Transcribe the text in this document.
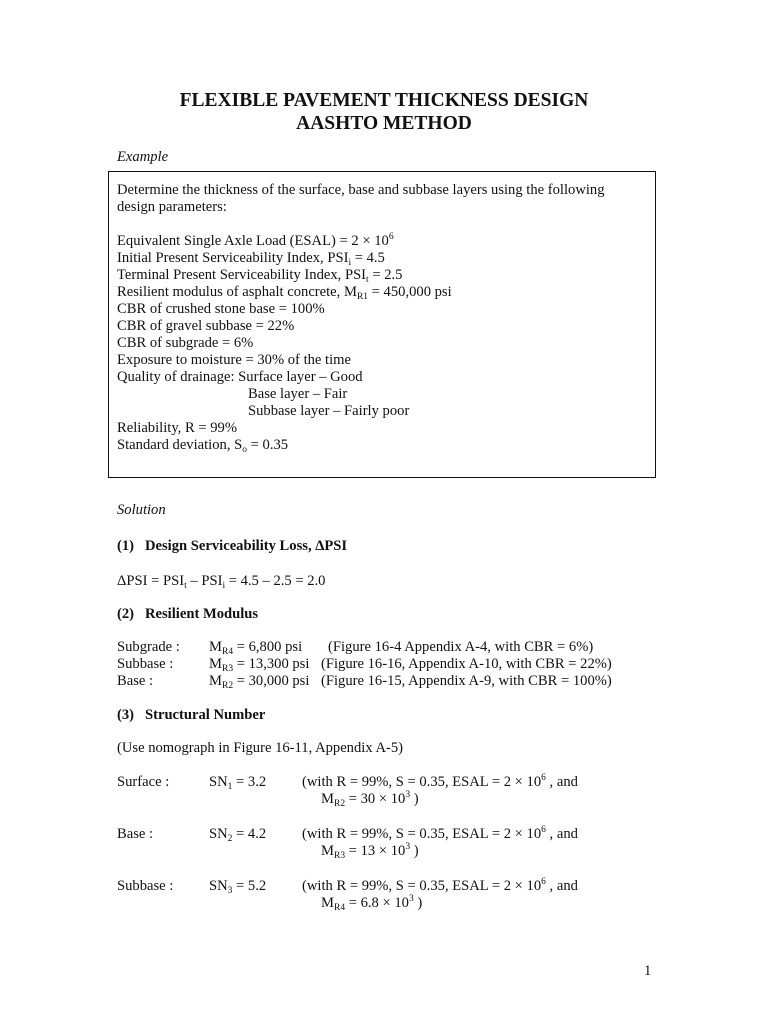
FLEXIBLE PAVEMENT THICKNESS DESIGN
AASHTO METHOD
Example
Determine the thickness of the surface, base and subbase layers using the following
design parameters:
Equivalent Single Axle Load (ESAL) = $2 \times 10^6$
Initial Present Serviceability Index, $PSI_i = 4.5$
Terminal Present Serviceability Index, $PSI_t = 2.5$
Resilient modulus of asphalt concrete, $M_{R1} = 450,000$ psi
CBR of crushed stone base = 100%
CBR of gravel subbase = 22%
CBR of subgrade = 6%
Exposure to moisture = 30% of the time
Quality of drainage: Surface layer – Good
Base layer – Fair
Subbase layer – Fairly poor
Reliability, R = 99%
Standard deviation, $S_o = 0.35$
Solution
(1) Design Serviceability Loss, ΔPSI
$\Delta PSI = PSI_t - PSI_i = 4.5 - 2.5 = 2.0$
(2) Resilient Modulus
Subgrade : $M_{R4} = 6,800$ psi (Figure 16-4 Appendix A-4, with CBR = 6%)
Subbase : $M_{R3} = 13,300$ psi (Figure 16-16, Appendix A-10, with CBR = 22%)
Base :	$M_{R2} = 30,000$ psi (Figure 16-15, Appendix A-9, with CBR = 100%)
(3) Structural Number
(Use nomograph in Figure 16-11, Appendix A-5)
Surface :	$SN_1 = 3.2$ (with R = 99%, S = 0.35, ESAL = $2 \times 10^6$ , and
$M_{R2} = 30 \times 10^3$ )
Base :	$SN_2 = 4.2$ (with R = 99%, S = 0.35, ESAL = $2 \times 10^6$ , and
$M_{R3} = 13 \times 10^3$ )
Subbase : $SN_3 = 5.2$ (with R = 99%, S = 0.35, ESAL = $2 \times 10^6$ , and
$M_{R4} = 6.8 \times 10^3$ )
1
